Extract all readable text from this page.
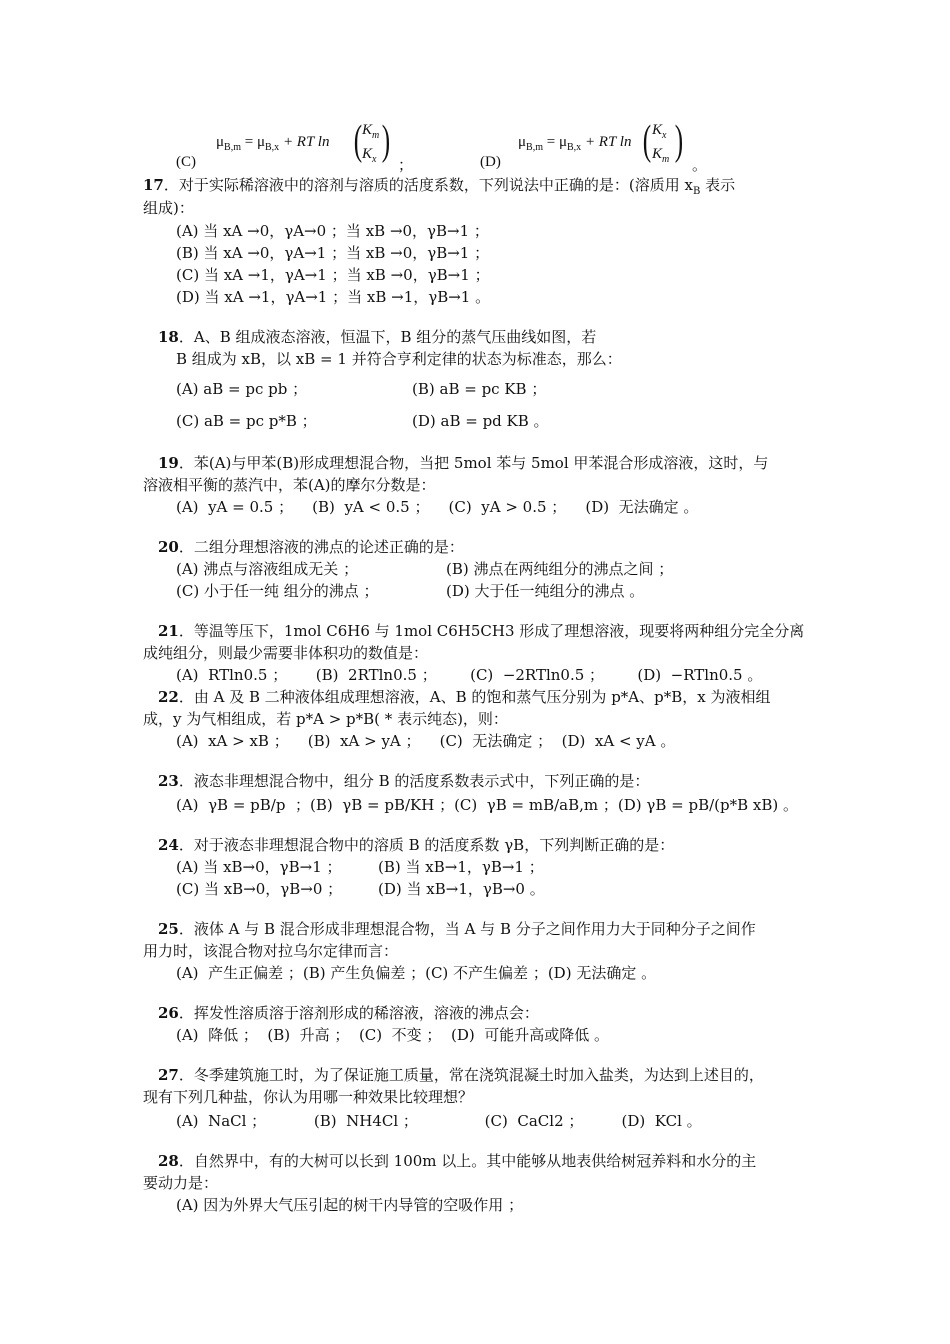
(C)
$\mu_{B,m} = \mu_{B,x}$ + RT ln ( $K_m$
$K_x$ )
；	(D)
$\mu_{B,m} = \mu_{B,x}$ + RT ln ( $K_x$
$K_m$ )
。
17．对于实际稀溶液中的溶剂与溶质的活度系数，下列说法中正确的是：(溶质用 $x_B$ 表示
组成)：
(A) 当 xA →0，γA→0 ；当 xB →0，γB→1 ；
(B) 当 xA →0，γA→1 ；当 xB →0，γB→1 ；
(C) 当 xA →1，γA→1 ；当 xB →0，γB→1 ；
(D) 当 xA →1，γA→1 ；当 xB →1，γB→1 。
18．A、B 组成液态溶液，恒温下，B 组分的蒸气压曲线如图，若
B 组成为 xB，以 xB = 1 并符合亨利定律的状态为标准态，那么：
(A) aB = pc pb ；	(B) aB = pc KB ；
(C) aB = pc p*B ；	(D) aB = pd KB 。
19．苯(A)与甲苯(B)形成理想混合物，当把 5mol 苯与 5mol 甲苯混合形成溶液，这时，与
溶液相平衡的蒸汽中，苯(A)的摩尔分数是：
(A)  yA = 0.5 ；    (B)  yA < 0.5 ；    (C)  yA > 0.5 ；    (D)  无法确定 。
20．二组分理想溶液的沸点的论述正确的是：
(A) 沸点与溶液组成无关 ；	(B) 沸点在两纯组分的沸点之间 ；
(C) 小于任一纯 组分的沸点 ；	(D) 大于任一纯组分的沸点 。
21．等温等压下，1mol C6H6 与 1mol C6H5CH3 形成了理想溶液，现要将两种组分完全分离
成纯组分，则最少需要非体积功的数值是：
(A)  RTln0.5 ；      (B)  2RTln0.5 ；       (C)  −2RTln0.5 ；       (D)  −RTln0.5 。
22．由 A 及 B 二种液体组成理想溶液，A、B 的饱和蒸气压分别为 p*A、p*B，x 为液相组
成，y 为气相组成，若 p*A > p*B( * 表示纯态)，则：
(A)  xA > xB ；    (B)  xA > yA ；    (C)  无法确定 ；  (D)  xA < yA 。
23．液态非理想混合物中，组分 B 的活度系数表示式中，下列正确的是：
(A)  γB = pB/p  ；(B)  γB = pB/KH ；(C)  γB = mB/aB,m ；(D) γB = pB/(p*B xB) 。
24．对于液态非理想混合物中的溶质 B 的活度系数 γB，下列判断正确的是：
(A) 当 xB→0，γB→1 ； (B) 当 xB→1，γB→1 ；
(C) 当 xB→0，γB→0 ； (D) 当 xB→1，γB→0 。
25．液体 A 与 B 混合形成非理想混合物，当 A 与 B 分子之间作用力大于同种分子之间作
用力时，该混合物对拉乌尔定律而言：
(A)  产生正偏差 ；(B) 产生负偏差 ；(C) 不产生偏差 ；(D) 无法确定 。
26．挥发性溶质溶于溶剂形成的稀溶液，溶液的沸点会：
(A)  降低 ；  (B)  升高 ；  (C)  不变 ；  (D)  可能升高或降低 。
27．冬季建筑施工时，为了保证施工质量，常在浇筑混凝土时加入盐类，为达到上述目的，
现有下列几种盐，你认为用哪一种效果比较理想？
(A)  NaCl ；          (B)  NH4Cl ；              (C)  CaCl2 ；        (D)  KCl 。
28．自然界中，有的大树可以长到 100m 以上。其中能够从地表供给树冠养料和水分的主
要动力是：
(A) 因为外界大气压引起的树干内导管的空吸作用 ；
